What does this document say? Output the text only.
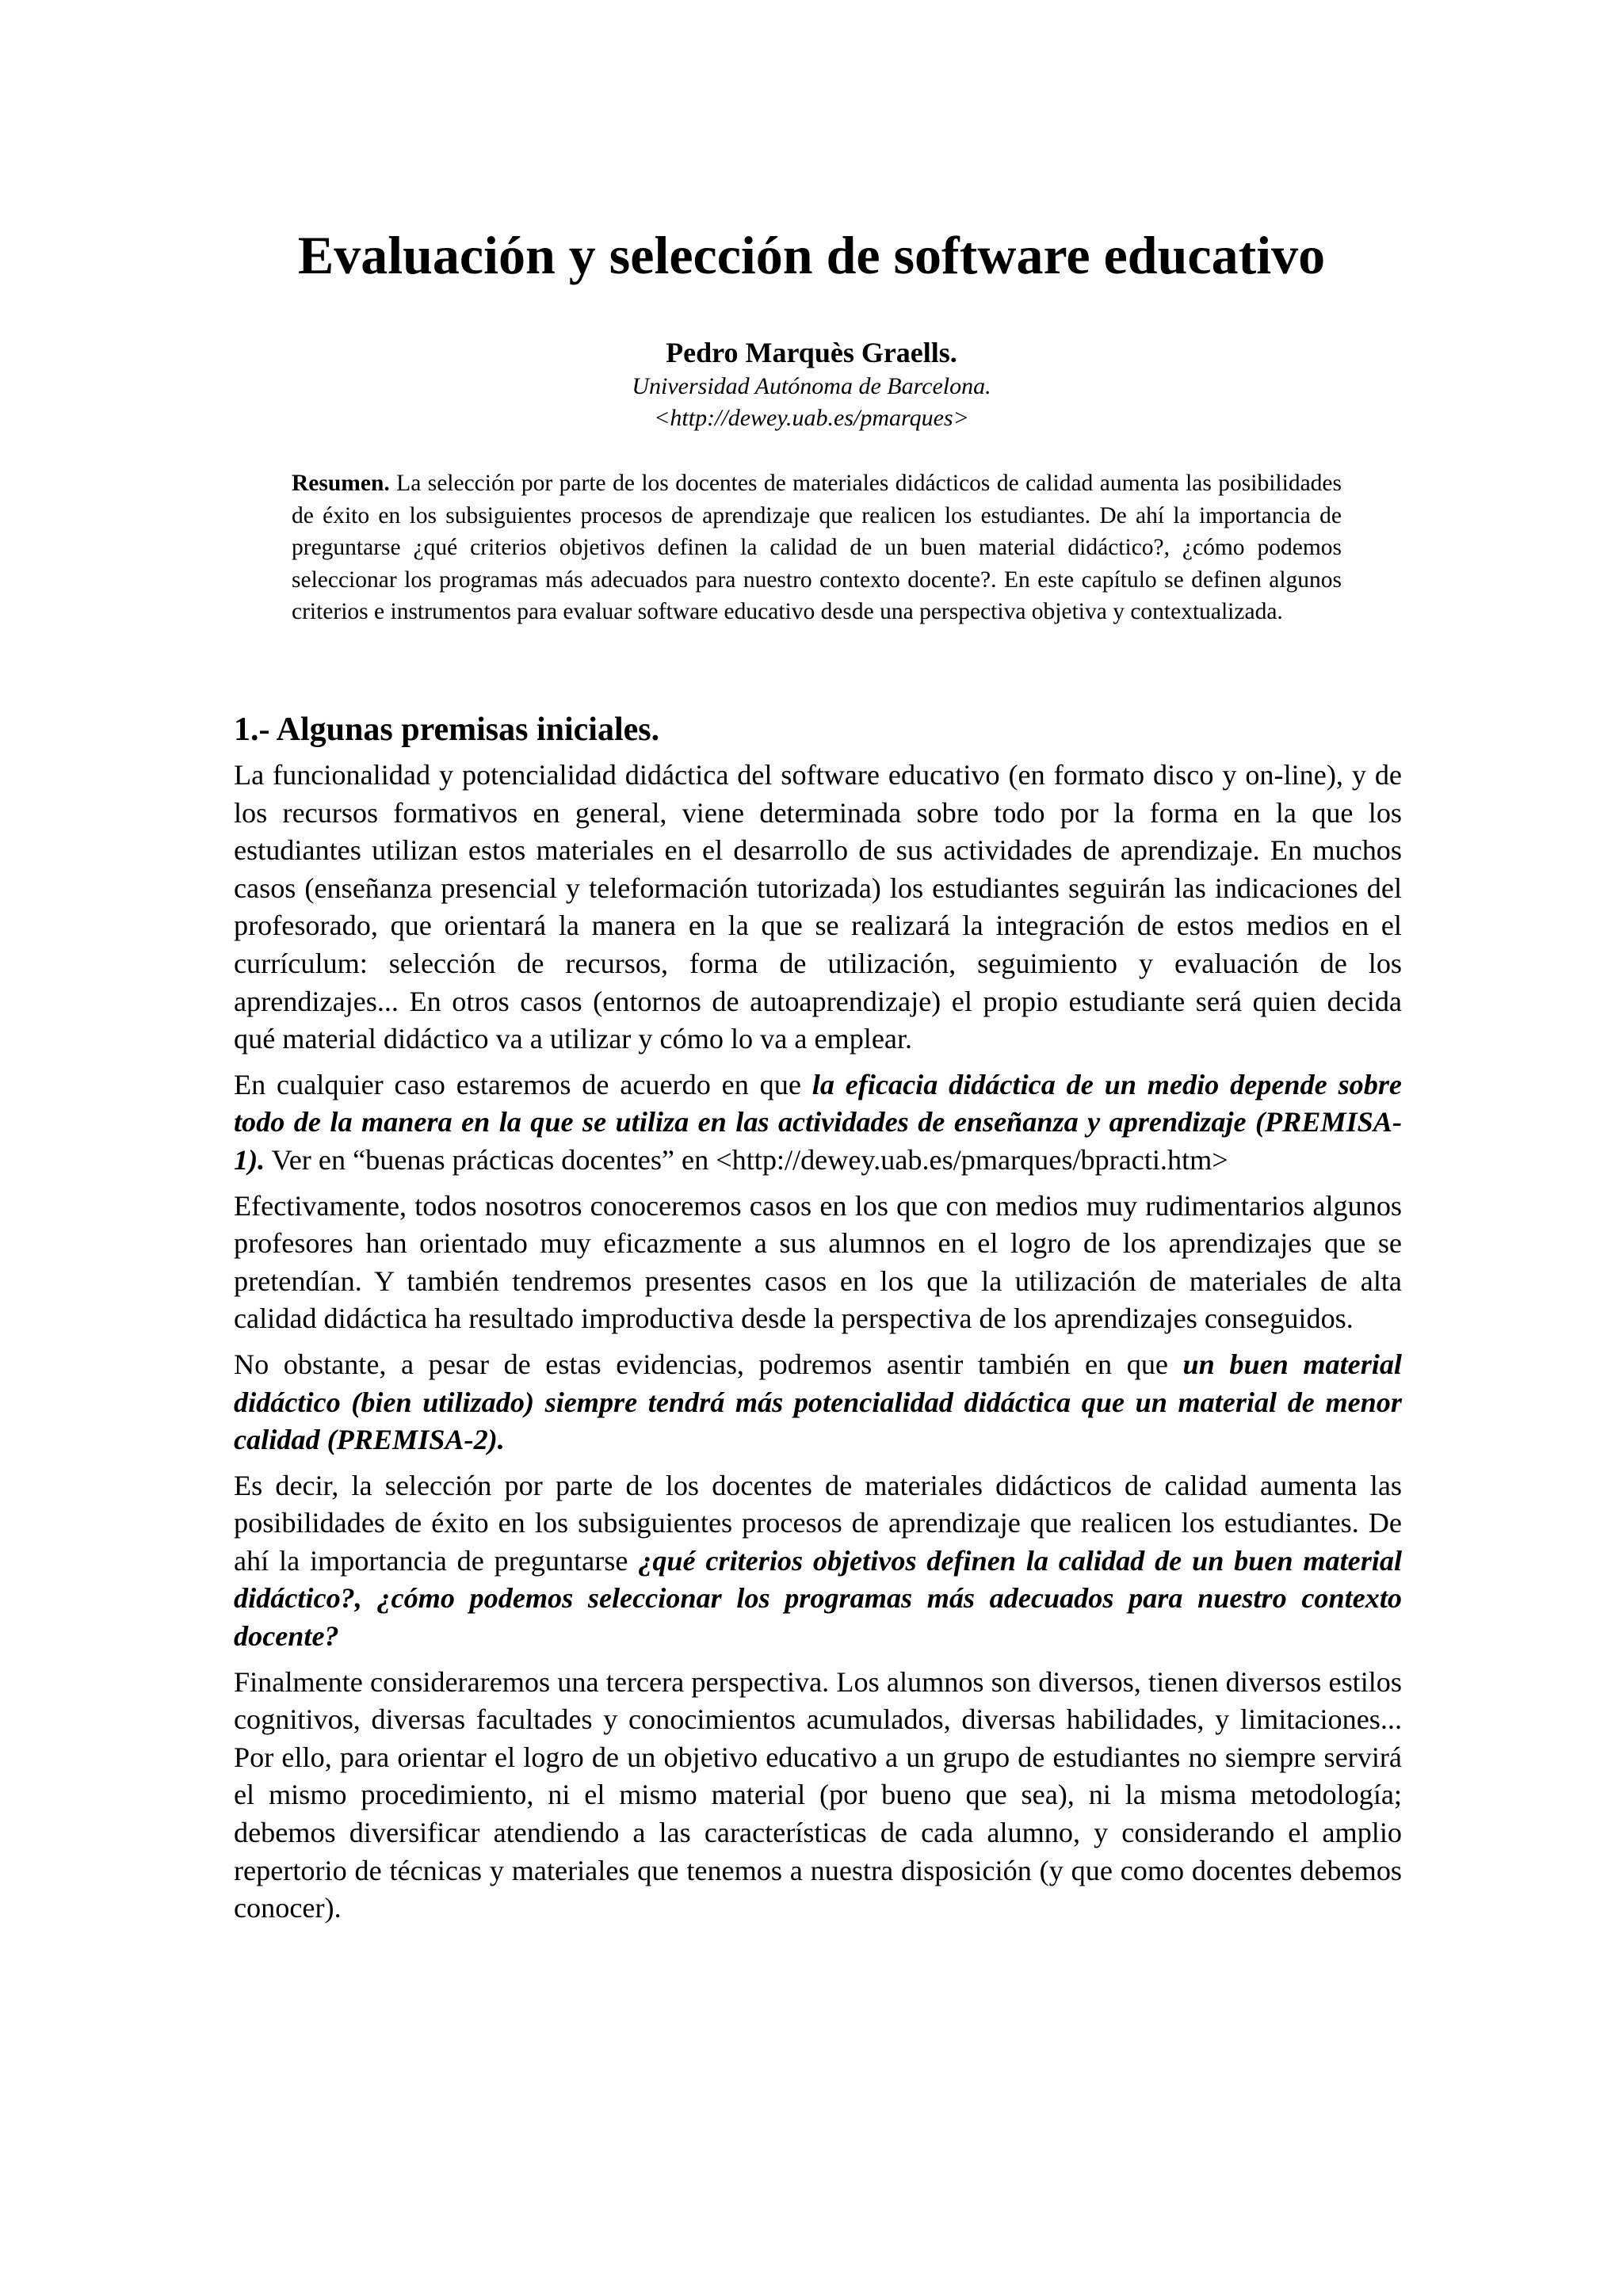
Evaluación y selección de software educativo
Pedro Marquès Graells.
Universidad Autónoma de Barcelona.
<http://dewey.uab.es/pmarques>
Resumen. La selección por parte de los docentes de materiales didácticos de calidad aumenta las posibilidades de éxito en los subsiguientes procesos de aprendizaje que realicen los estudiantes. De ahí la importancia de preguntarse ¿qué criterios objetivos definen la calidad de un buen material didáctico?, ¿cómo podemos seleccionar los programas más adecuados para nuestro contexto docente?. En este capítulo se definen algunos criterios e instrumentos para evaluar software educativo desde una perspectiva objetiva y contextualizada.
1.- Algunas premisas iniciales.

La funcionalidad y potencialidad didáctica del software educativo (en formato disco y on-line), y de los recursos formativos en general, viene determinada sobre todo por la forma en la que los estudiantes utilizan estos materiales en el desarrollo de sus actividades de aprendizaje. En muchos casos (enseñanza presencial y teleformación tutorizada) los estudiantes seguirán las indicaciones del profesorado, que orientará la manera en la que se realizará la integración de estos medios en el currículum: selección de recursos, forma de utilización, seguimiento y evaluación de los aprendizajes... En otros casos (entornos de autoaprendizaje) el propio estudiante será quien decida qué material didáctico va a utilizar y cómo lo va a emplear.

En cualquier caso estaremos de acuerdo en que la eficacia didáctica de un medio depende sobre todo de la manera en la que se utiliza en las actividades de enseñanza y aprendizaje (PREMISA-1). Ver en “buenas prácticas docentes” en <http://dewey.uab.es/pmarques/bpracti.htm>

Efectivamente, todos nosotros conoceremos casos en los que con medios muy rudimentarios algunos profesores han orientado muy eficazmente a sus alumnos en el logro de los aprendizajes que se pretendían. Y también tendremos presentes casos en los que la utilización de materiales de alta calidad didáctica ha resultado improductiva desde la perspectiva de los aprendizajes conseguidos.

No obstante, a pesar de estas evidencias, podremos asentir también en que un buen material didáctico (bien utilizado) siempre tendrá más potencialidad didáctica que un material de menor calidad (PREMISA-2).

Es decir, la selección por parte de los docentes de materiales didácticos de calidad aumenta las posibilidades de éxito en los subsiguientes procesos de aprendizaje que realicen los estudiantes. De ahí la importancia de preguntarse ¿qué criterios objetivos definen la calidad de un buen material didáctico?, ¿cómo podemos seleccionar los programas más adecuados para nuestro contexto docente?

Finalmente consideraremos una tercera perspectiva. Los alumnos son diversos, tienen diversos estilos cognitivos, diversas facultades y conocimientos acumulados, diversas habilidades, y limitaciones... Por ello, para orientar el logro de un objetivo educativo a un grupo de estudiantes no siempre servirá el mismo procedimiento, ni el mismo material (por bueno que sea), ni la misma metodología; debemos diversificar atendiendo a las características de cada alumno, y considerando el amplio repertorio de técnicas y materiales que tenemos a nuestra disposición (y que como docentes debemos conocer).
